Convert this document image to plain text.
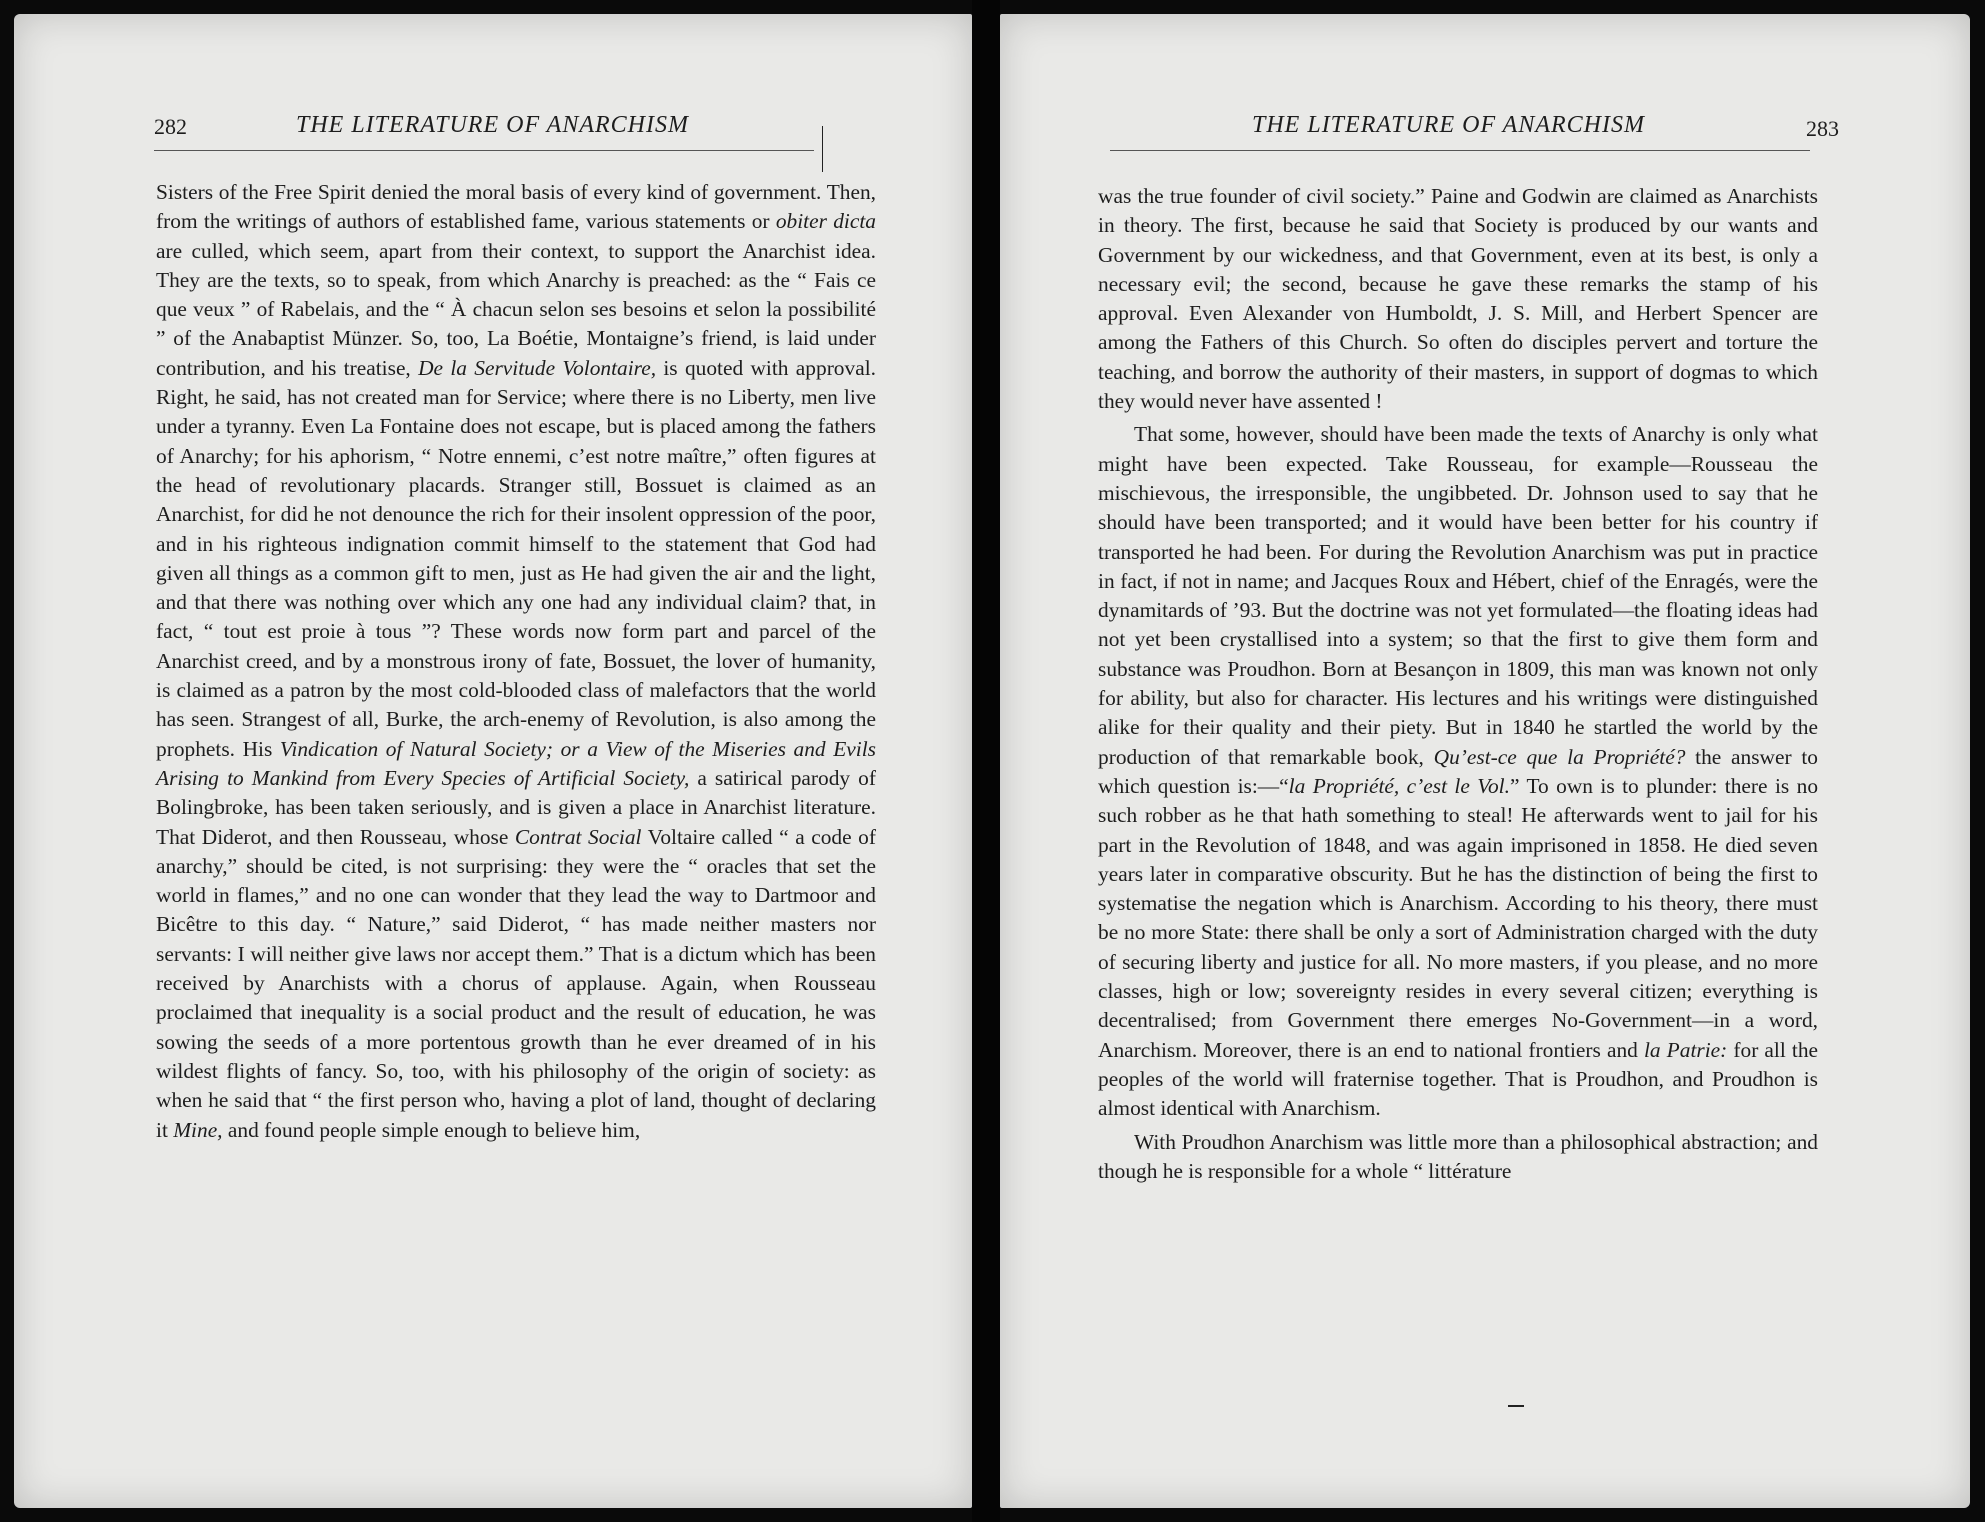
282	THE LITERATURE OF ANARCHISM

Sisters of the Free Spirit denied the moral basis of every kind of government. Then, from the writings of authors of established fame, various statements or obiter dicta are culled, which seem, apart from their context, to support the Anarchist idea. They are the texts, so to speak, from which Anarchy is preached: as the “ Fais ce que veux ” of Rabelais, and the “ À chacun selon ses besoins et selon la possibilité ” of the Anabaptist Münzer. So, too, La Boétie, Montaigne’s friend, is laid under contribution, and his treatise, De la Servitude Volontaire, is quoted with approval. Right, he said, has not created man for Service; where there is no Liberty, men live under a tyranny. Even La Fontaine does not escape, but is placed among the fathers of Anarchy; for his aphorism, “ Notre ennemi, c’est notre maître,” often figures at the head of revolutionary placards. Stranger still, Bossuet is claimed as an Anarchist, for did he not denounce the rich for their insolent oppression of the poor, and in his righteous indignation commit himself to the statement that God had given all things as a common gift to men, just as He had given the air and the light, and that there was nothing over which any one had any individual claim? that, in fact, “ tout est proie à tous ”? These words now form part and parcel of the Anarchist creed, and by a monstrous irony of fate, Bossuet, the lover of humanity, is claimed as a patron by the most cold-blooded class of malefactors that the world has seen. Strangest of all, Burke, the arch-enemy of Revolution, is also among the prophets. His Vindication of Natural Society; or a View of the Miseries and Evils Arising to Mankind from Every Species of Artificial Society, a satirical parody of Bolingbroke, has been taken seriously, and is given a place in Anarchist literature. That Diderot, and then Rousseau, whose Contrat Social Voltaire called “ a code of anarchy,” should be cited, is not surprising: they were the “ oracles that set the world in flames,” and no one can wonder that they lead the way to Dartmoor and Bicêtre to this day. “ Nature,” said Diderot, “ has made neither masters nor servants: I will neither give laws nor accept them.” That is a dictum which has been received by Anarchists with a chorus of applause. Again, when Rousseau proclaimed that inequality is a social product and the result of education, he was sowing the seeds of a more portentous growth than he ever dreamed of in his wildest flights of fancy. So, too, with his philosophy of the origin of society: as when he said that “ the first person who, having a plot of land, thought of declaring it Mine, and found people simple enough to believe him,

THE LITERATURE OF ANARCHISM	283

was the true founder of civil society.” Paine and Godwin are claimed as Anarchists in theory. The first, because he said that Society is produced by our wants and Government by our wickedness, and that Government, even at its best, is only a necessary evil; the second, because he gave these remarks the stamp of his approval. Even Alexander von Humboldt, J. S. Mill, and Herbert Spencer are among the Fathers of this Church. So often do disciples pervert and torture the teaching, and borrow the authority of their masters, in support of dogmas to which they would never have assented !

That some, however, should have been made the texts of Anarchy is only what might have been expected. Take Rousseau, for example—Rousseau the mischievous, the irresponsible, the ungibbeted. Dr. Johnson used to say that he should have been transported; and it would have been better for his country if transported he had been. For during the Revolution Anarchism was put in practice in fact, if not in name; and Jacques Roux and Hébert, chief of the Enragés, were the dynamitards of ’93. But the doctrine was not yet formulated—the floating ideas had not yet been crystallised into a system; so that the first to give them form and substance was Proudhon. Born at Besançon in 1809, this man was known not only for ability, but also for character. His lectures and his writings were distinguished alike for their quality and their piety. But in 1840 he startled the world by the production of that remarkable book, Qu’est-ce que la Propriété? the answer to which question is:—“la Propriété, c’est le Vol.” To own is to plunder: there is no such robber as he that hath something to steal! He afterwards went to jail for his part in the Revolution of 1848, and was again imprisoned in 1858. He died seven years later in comparative obscurity. But he has the distinction of being the first to systematise the negation which is Anarchism. According to his theory, there must be no more State: there shall be only a sort of Administration charged with the duty of securing liberty and justice for all. No more masters, if you please, and no more classes, high or low; sovereignty resides in every several citizen; everything is decentralised; from Government there emerges No-Government—in a word, Anarchism. Moreover, there is an end to national frontiers and la Patrie: for all the peoples of the world will fraternise together. That is Proudhon, and Proudhon is almost identical with Anarchism.

With Proudhon Anarchism was little more than a philosophical abstraction; and though he is responsible for a whole “ littérature
